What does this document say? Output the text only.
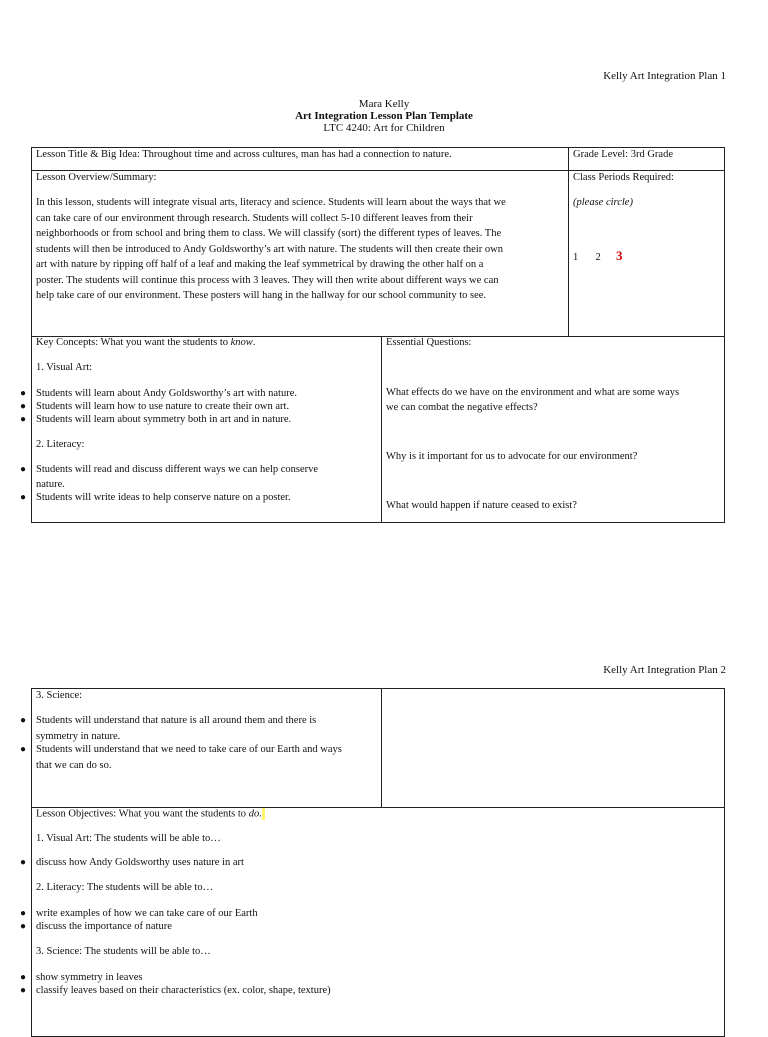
Kelly Art Integration Plan 1
Mara Kelly
Art Integration Lesson Plan Template
LTC 4240: Art for Children
Lesson Title & Big Idea: Throughout time and across cultures, man has had a connection to nature.	Grade Level: 3rd Grade
Lesson Overview/Summary:
In this lesson, students will integrate visual arts, literacy and science. Students will learn about the ways that we
can take care of our environment through research. Students will collect 5-10 different leaves from their
neighborhoods or from school and bring them to class. We will classify (sort) the different types of leaves. The
students will then be introduced to Andy Goldsworthy’s art with nature. The students will then create their own
art with nature by ripping off half of a leaf and making the leaf symmetrical by drawing the other half on a
poster. The students will continue this process with 3 leaves. They will then write about different ways we can
help take care of our environment. These posters will hang in the hallway for our school community to see.
Class Periods Required:
(please circle)
1 2 3
Key Concepts: What you want the students to know.
1. Visual Art:
● Students will learn about Andy Goldsworthy’s art with nature.
● Students will learn how to use nature to create their own art.
● Students will learn about symmetry both in art and in nature.
2. Literacy:
● Students will read and discuss different ways we can help conserve
nature.
● Students will write ideas to help conserve nature on a poster.
Essential Questions:
What effects do we have on the environment and what are some ways
we can combat the negative effects?
Why is it important for us to advocate for our environment?
What would happen if nature ceased to exist?
Kelly Art Integration Plan 2
3. Science:
● Students will understand that nature is all around them and there is
symmetry in nature.
● Students will understand that we need to take care of our Earth and ways
that we can do so.
Lesson Objectives: What you want the students to do.
1. Visual Art: The students will be able to…
● discuss how Andy Goldsworthy uses nature in art
2. Literacy: The students will be able to…
● write examples of how we can take care of our Earth
● discuss the importance of nature
3. Science: The students will be able to…
● show symmetry in leaves
● classify leaves based on their characteristics (ex. color, shape, texture)
